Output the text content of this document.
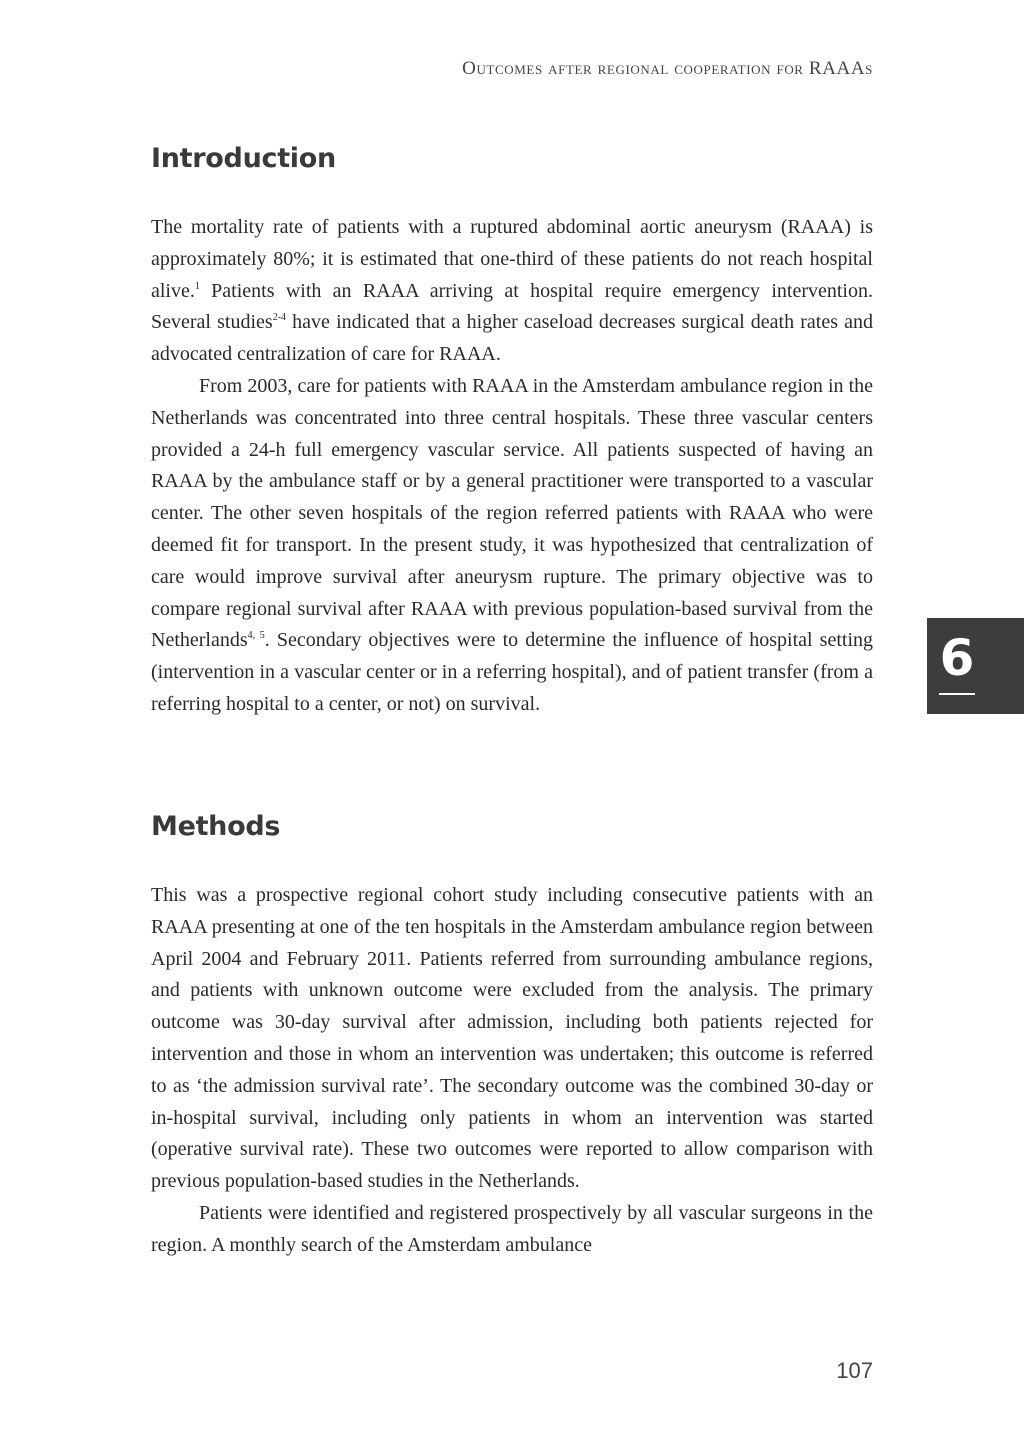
Outcomes after regional cooperation for RAAAs
Introduction

The mortality rate of patients with a ruptured abdominal aortic aneurysm (RAAA) is approximately 80%; it is estimated that one-third of these patients do not reach hospital alive.$^1$ Patients with an RAAA arriving at hospital require emergency intervention. Several studies$^{2-4}$ have indicated that a higher caseload decreases surgical death rates and advocated centralization of care for RAAA.

From 2003, care for patients with RAAA in the Amsterdam ambulance region in the Netherlands was concentrated into three central hospitals. These three vascular centers provided a 24-h full emergency vascular service. All patients suspected of having an RAAA by the ambulance staff or by a general practitioner were transported to a vascular center. The other seven hospitals of the region referred patients with RAAA who were deemed fit for transport. In the present study, it was hypothesized that centralization of care would improve survival after aneurysm rupture. The primary objective was to compare regional survival after RAAA with previous population-based survival from the Netherlands$^{4, 5}$. Secondary objectives were to determine the influence of hospital setting (intervention in a vascular center or in a referring hospital), and of patient transfer (from a referring hospital to a center, or not) on survival.

Methods

This was a prospective regional cohort study including consecutive patients with an RAAA presenting at one of the ten hospitals in the Amsterdam ambulance region between April 2004 and February 2011. Patients referred from surrounding ambulance regions, and patients with unknown outcome were excluded from the analysis. The primary outcome was 30-day survival after admission, including both patients rejected for intervention and those in whom an intervention was undertaken; this outcome is referred to as ‘the admission survival rate’. The secondary outcome was the combined 30-day or in-hospital survival, including only patients in whom an intervention was started (operative survival rate). These two outcomes were reported to allow comparison with previous population-based studies in the Netherlands.

Patients were identified and registered prospectively by all vascular surgeons in the region. A monthly search of the Amsterdam ambulance

6
107
